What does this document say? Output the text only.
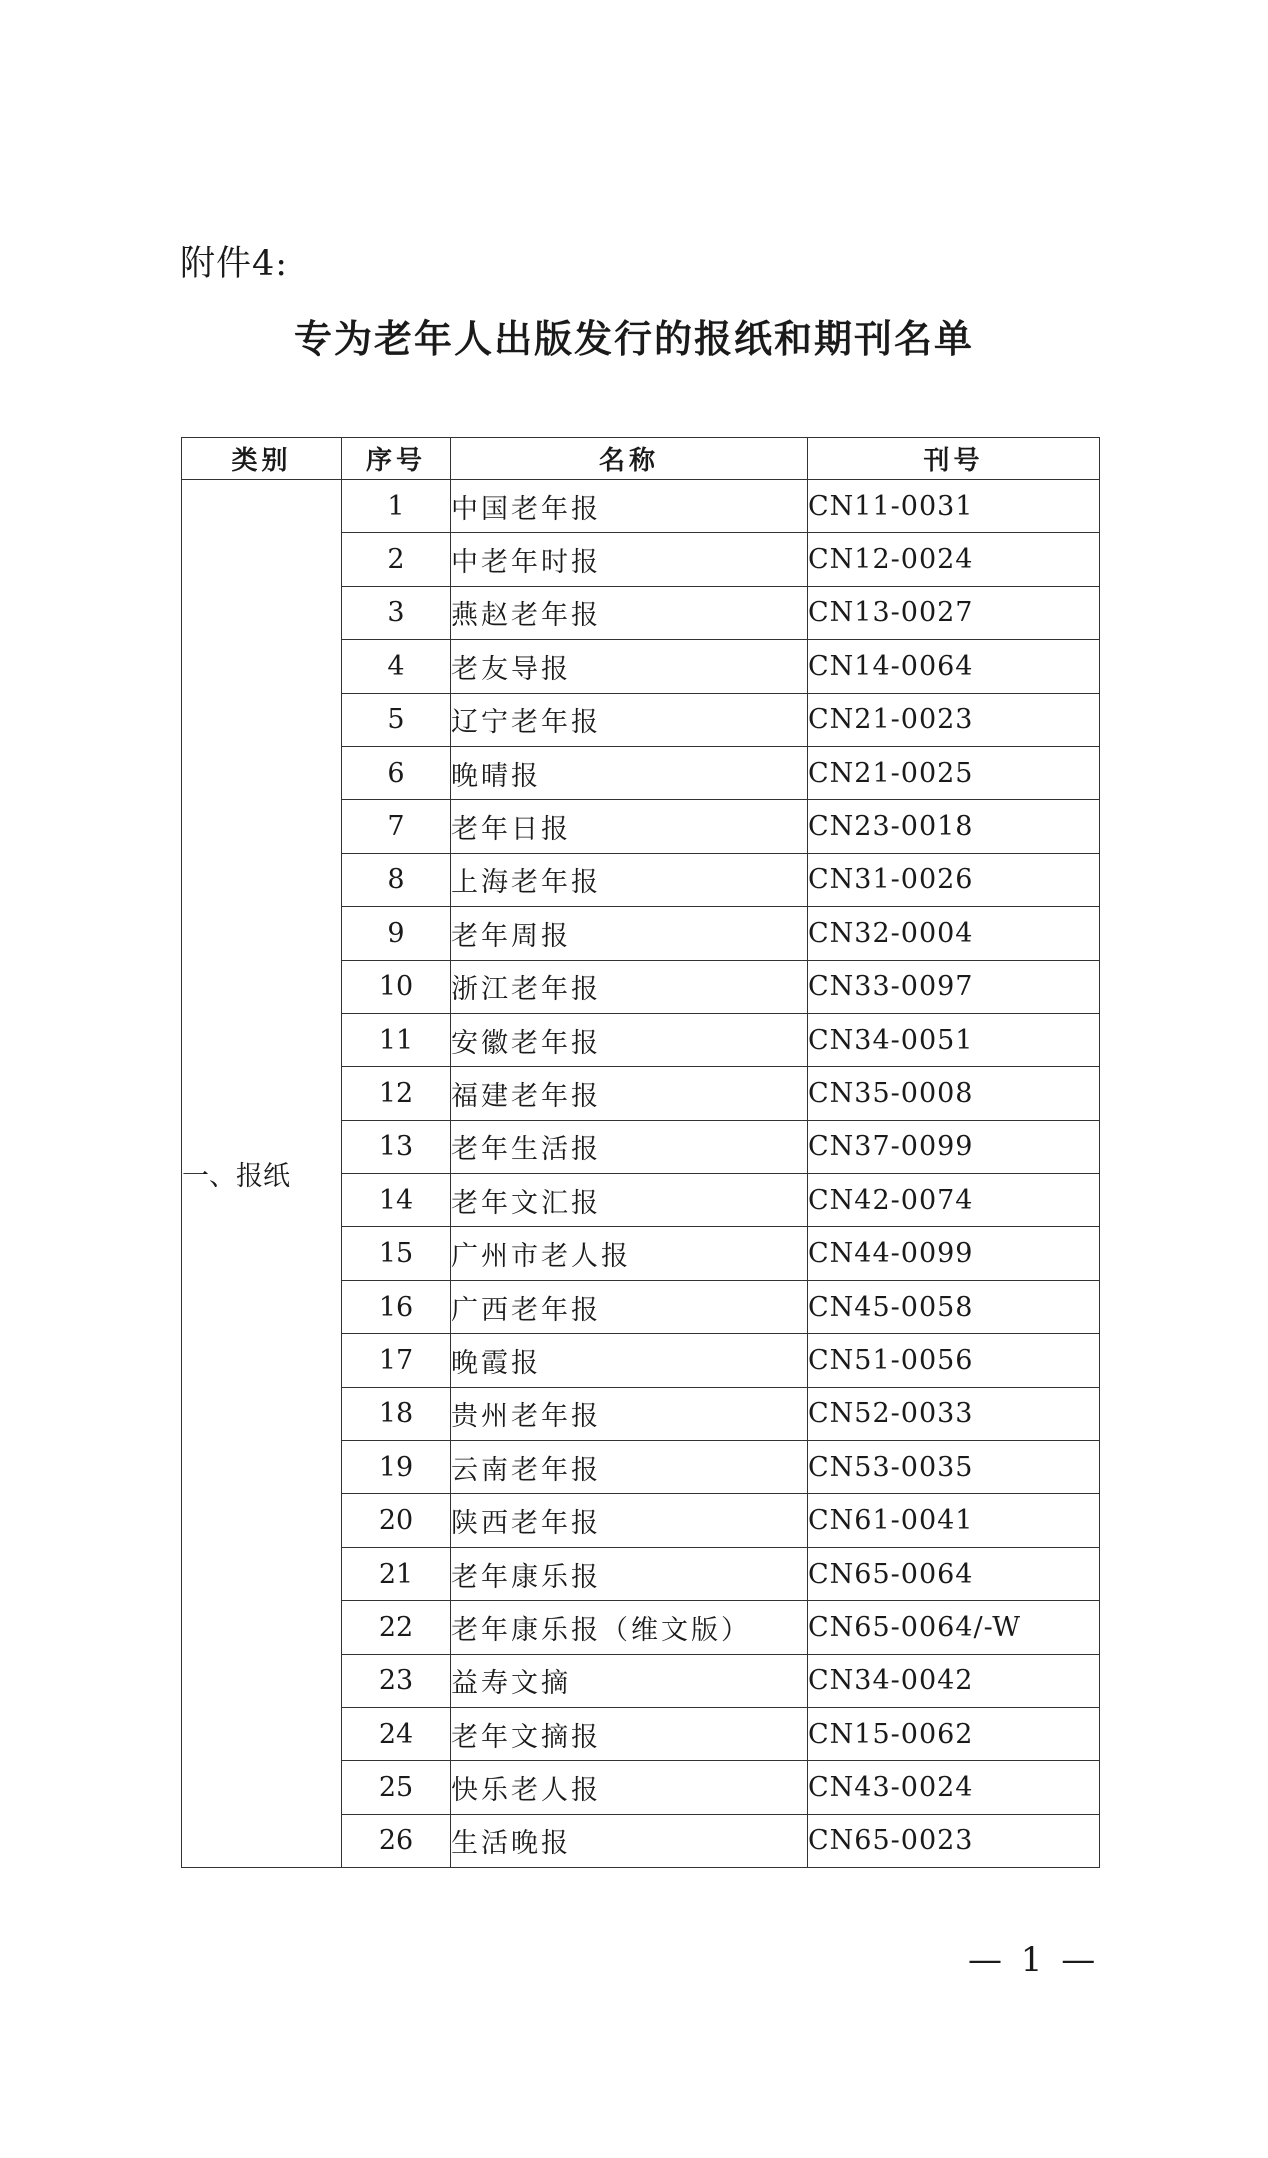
附件4:
专为老年人出版发行的报纸和期刊名单
类别	序号	名称	刊号
一、报纸	1	中国老年报	CN11-0031
	2	中老年时报	CN12-0024
	3	燕赵老年报	CN13-0027
	4	老友导报	CN14-0064
	5	辽宁老年报	CN21-0023
	6	晚晴报	CN21-0025
	7	老年日报	CN23-0018
	8	上海老年报	CN31-0026
	9	老年周报	CN32-0004
	10	浙江老年报	CN33-0097
	11	安徽老年报	CN34-0051
	12	福建老年报	CN35-0008
	13	老年生活报	CN37-0099
	14	老年文汇报	CN42-0074
	15	广州市老人报	CN44-0099
	16	广西老年报	CN45-0058
	17	晚霞报	CN51-0056
	18	贵州老年报	CN52-0033
	19	云南老年报	CN53-0035
	20	陕西老年报	CN61-0041
	21	老年康乐报	CN65-0064
	22	老年康乐报（维文版）	CN65-0064/-W
	23	益寿文摘	CN34-0042
	24	老年文摘报	CN15-0062
	25	快乐老人报	CN43-0024
	26	生活晚报	CN65-0023
— 1 —
